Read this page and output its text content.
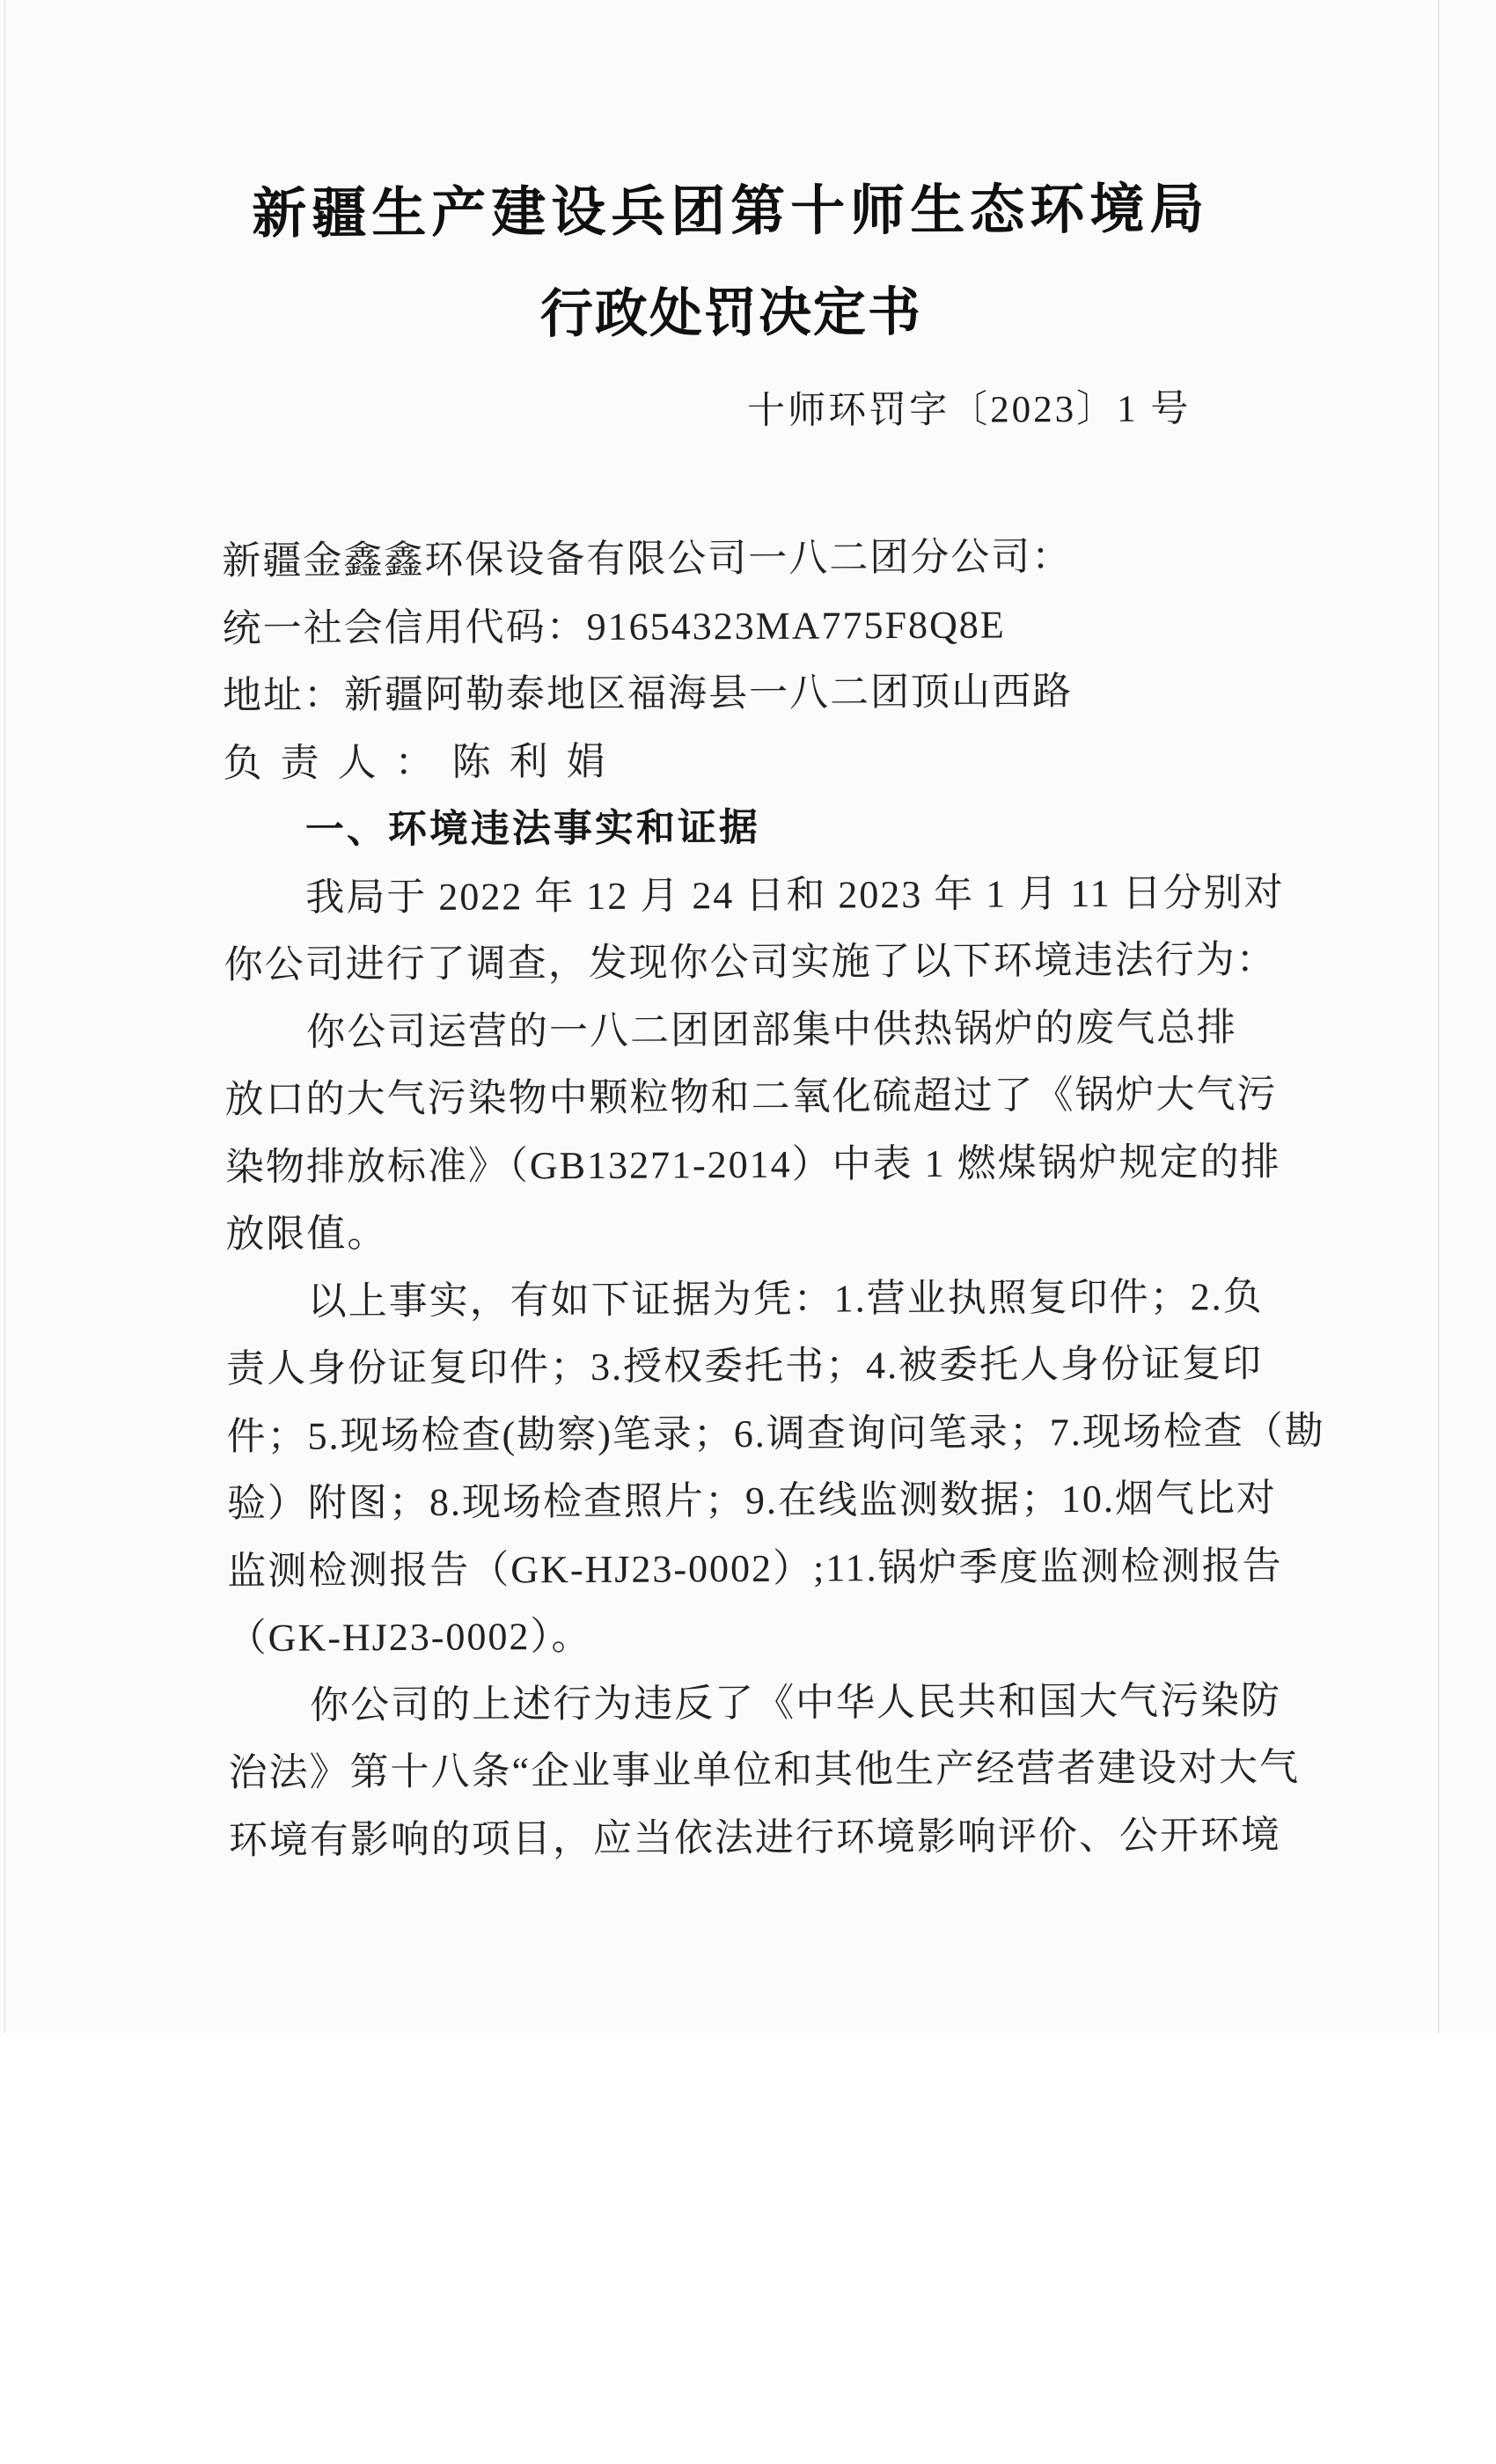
新疆生产建设兵团第十师生态环境局
行政处罚决定书
十师环罚字〔2023〕1 号
新疆金鑫鑫环保设备有限公司一八二团分公司：
统一社会信用代码：91654323MA775F8Q8E
地址：新疆阿勒泰地区福海县一八二团顶山西路
负责人：陈利娟
一、环境违法事实和证据
我局于 2022 年 12 月 24 日和 2023 年 1 月 11 日分别对
你公司进行了调查，发现你公司实施了以下环境违法行为：
你公司运营的一八二团团部集中供热锅炉的废气总排
放口的大气污染物中颗粒物和二氧化硫超过了《锅炉大气污
染物排放标准》（GB13271-2014）中表 1 燃煤锅炉规定的排
放限值。
以上事实，有如下证据为凭：1.营业执照复印件；2.负
责人身份证复印件；3.授权委托书；4.被委托人身份证复印
件；5.现场检查(勘察)笔录；6.调查询问笔录；7.现场检查（勘
验）附图；8.现场检查照片；9.在线监测数据；10.烟气比对
监测检测报告（GK-HJ23-0002）;11.锅炉季度监测检测报告
（GK-HJ23-0002）。
你公司的上述行为违反了《中华人民共和国大气污染防
治法》第十八条“企业事业单位和其他生产经营者建设对大气
环境有影响的项目，应当依法进行环境影响评价、公开环境
